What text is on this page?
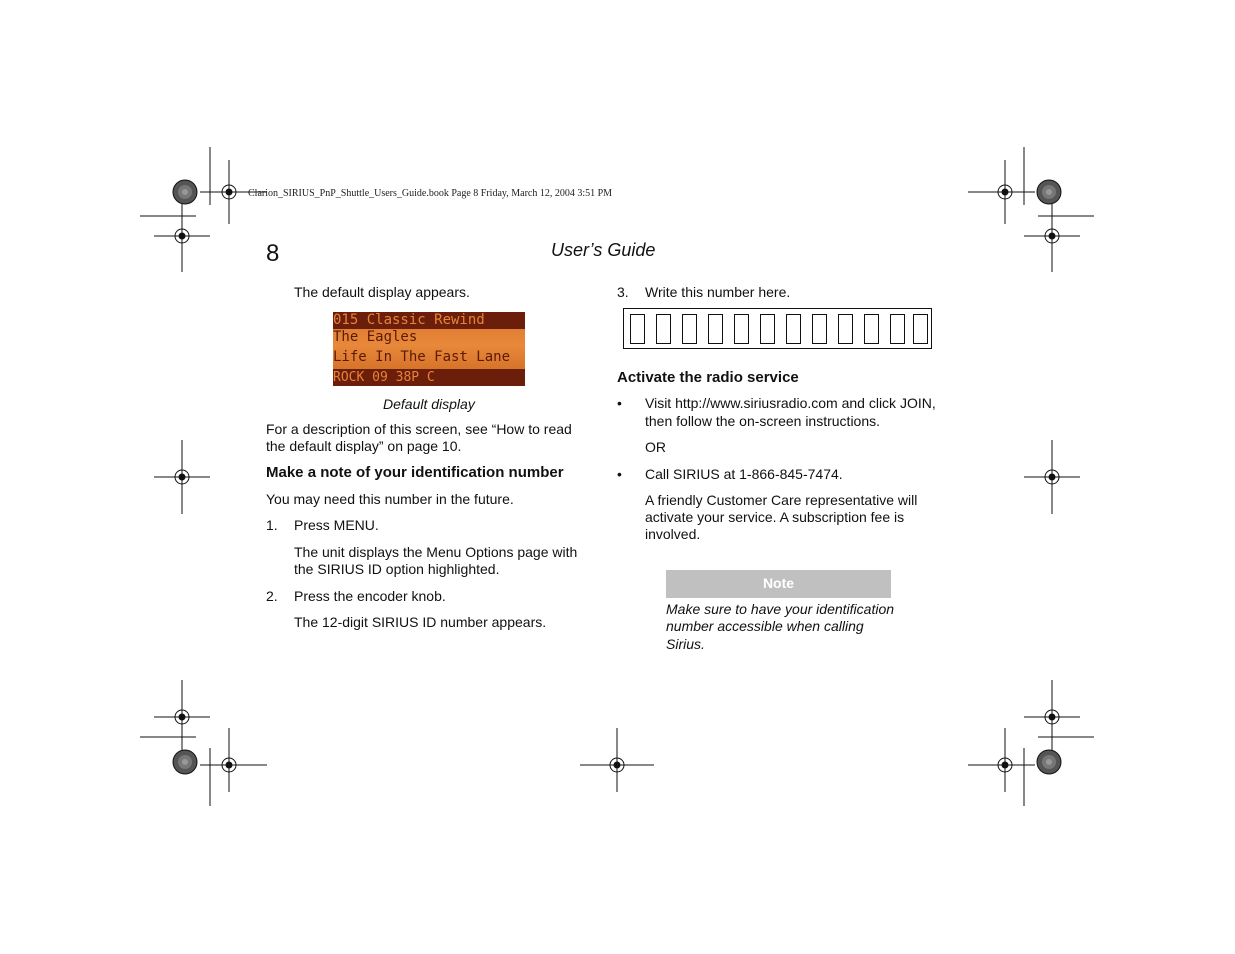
Clarion_SIRIUS_PnP_Shuttle_Users_Guide.book Page 8 Friday, March 12, 2004 3:51 PM
8	User’s Guide
The default display appears.
015 Classic Rewind
The Eagles
Life In The Fast Lane
ROCK 09 38P C
Default display
For a description of this screen, see “How to read
the default display” on page 10.
Make a note of your identification number
You may need this number in the future.
1. Press MENU.
The unit displays the Menu Options page with
the SIRIUS ID option highlighted.
2. Press the encoder knob.
The 12-digit SIRIUS ID number appears.
3. Write this number here.
Activate the radio service
• Visit http://www.siriusradio.com and click JOIN,
then follow the on-screen instructions.
OR
• Call SIRIUS at 1-866-845-7474.
A friendly Customer Care representative will
activate your service. A subscription fee is
involved.
Note
Make sure to have your identification
number accessible when calling
Sirius.
